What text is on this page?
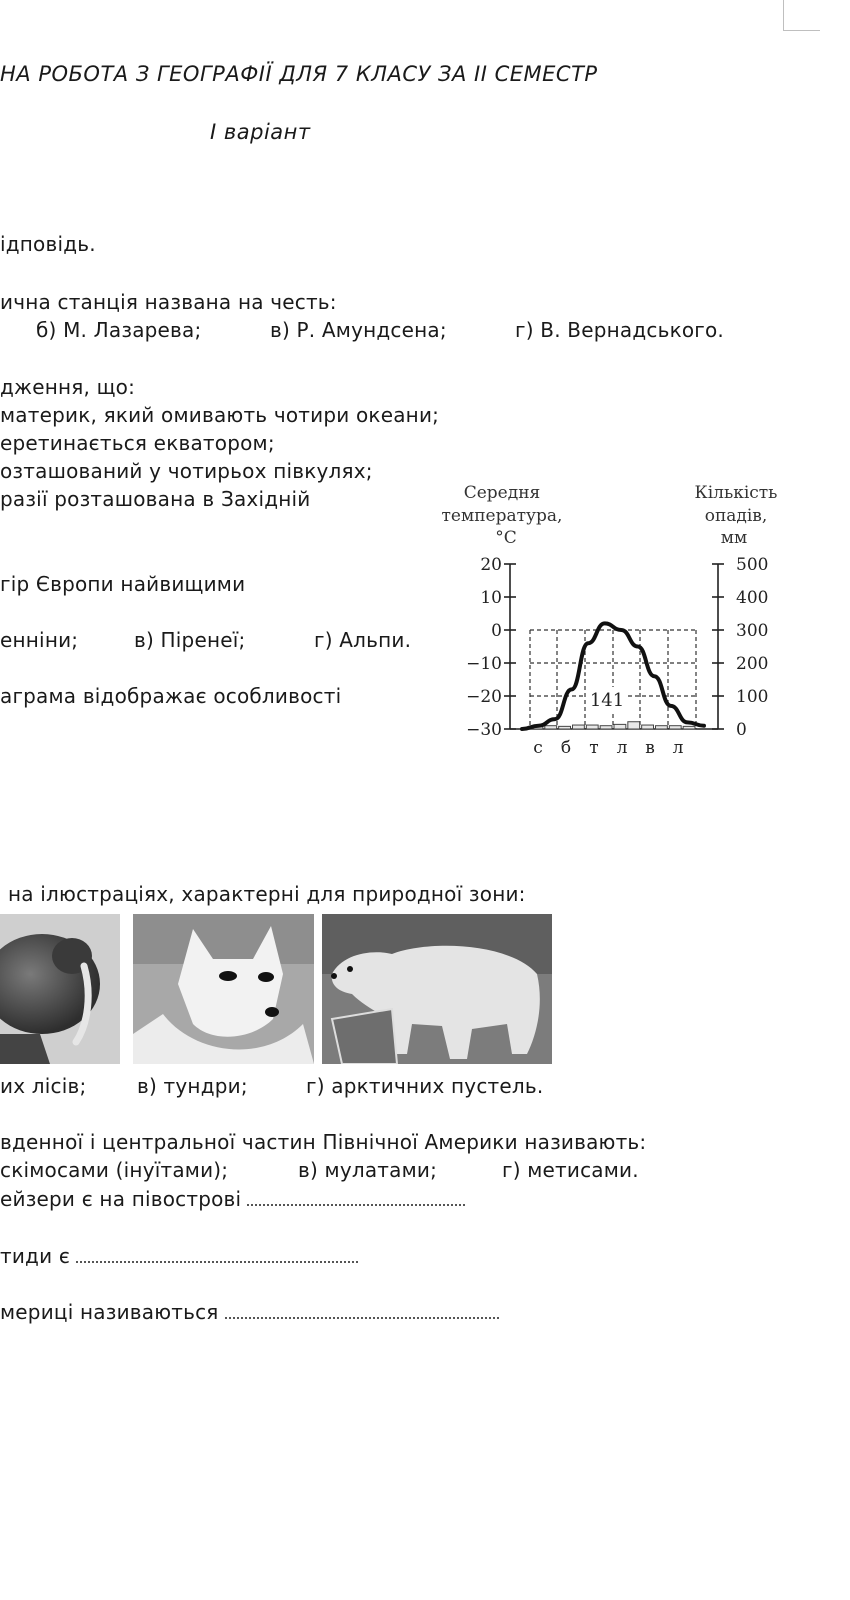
НА РОБОТА З ГЕОГРАФІЇ ДЛЯ 7 КЛАСУ ЗА ІІ СЕМЕСТР
І варіант
ідповідь.
ична станція названа на честь:
б) М. Лазарева;	в) Р. Амундсена;	г) В. Вернадського.
дження, що:
материк, який омивають чотири океани;
еретинається екватором;
озташований у чотирьох півкулях;
разії розташована в Західній
гір Європи найвищими
енніни;	в) Піренеї;	г) Альпи.
аграма відображає особливості
Середня
температура,
°C
Кількість
опадів,
мм
20
10
0
−10
−20
−30
500
400
300
200
100
0
141
с б т л в л
на ілюстраціях, характерні для природної зони:
их лісів;	в) тундри;	г) арктичних пустель.
вденної і центральної частин Північної Америки називають:
скімосами (інуїтами);	в) мулатами;	г) метисами.
ейзери є на півострові
тиди є
мериці називаються
